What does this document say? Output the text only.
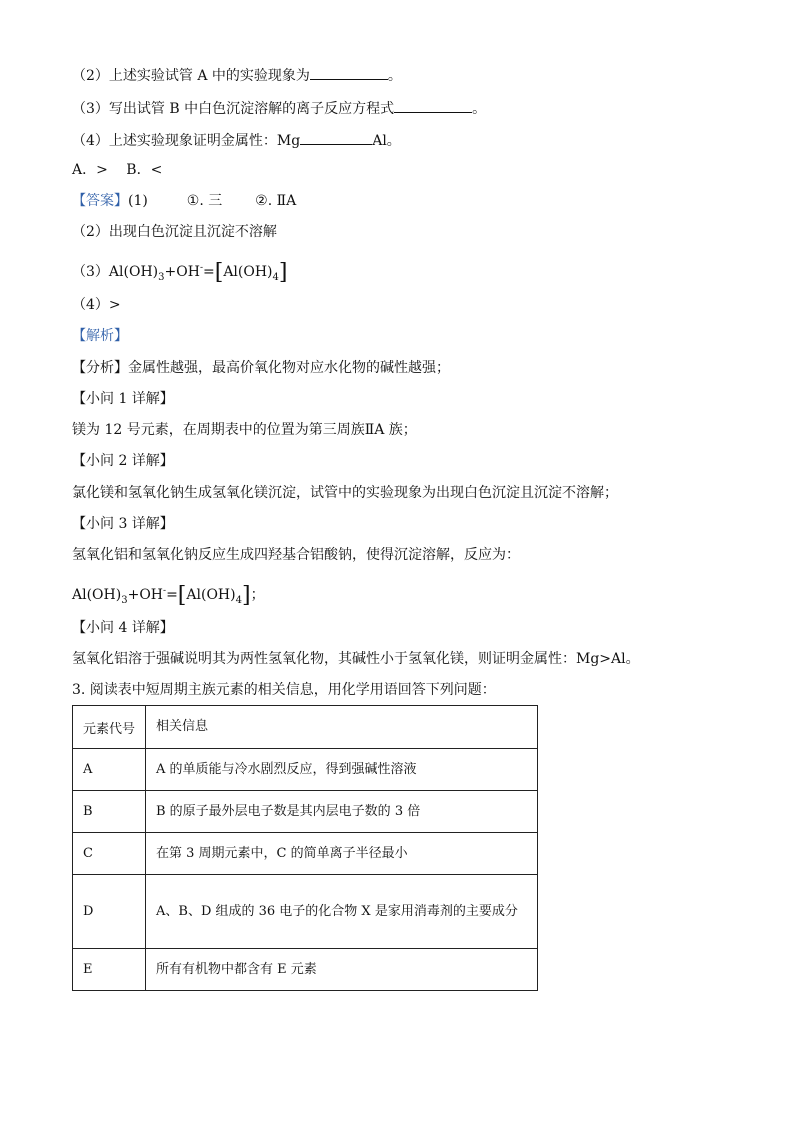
（2）上述实验试管 A 中的实验现象为	。
（3）写出试管 B 中白色沉淀溶解的离子反应方程式	。
（4）上述实验现象证明金属性：Mg	Al。
A．>　 B．<
【答案】(1)	①. 三 ②. ⅡA
（2）出现白色沉淀且沉淀不溶解
$(3)Al(OH)_3+OH^-=[Al(OH)_4]$
（4）>
【解析】
【分析】金属性越强，最高价氧化物对应水化物的碱性越强；
【小问 1 详解】
镁为 12 号元素，在周期表中的位置为第三周族ⅡA 族；
【小问 2 详解】
氯化镁和氢氧化钠生成氢氧化镁沉淀，试管中的实验现象为出现白色沉淀且沉淀不溶解；
【小问 3 详解】
氢氧化铝和氢氧化钠反应生成四羟基合铝酸钠，使得沉淀溶解，反应为：
$Al(OH)_3+OH^-=[Al(OH)_4]$；
【小问 4 详解】
氢氧化铝溶于强碱说明其为两性氢氧化物，其碱性小于氢氧化镁，则证明金属性：Mg>Al。
3. 阅读表中短周期主族元素的相关信息，用化学用语回答下列问题：
元素代号	相关信息
A	A 的单质能与冷水剧烈反应，得到强碱性溶液
B	B 的原子最外层电子数是其内层电子数的 3 倍
C	在第 3 周期元素中，C 的简单离子半径最小
D	A、B、D 组成的 36 电子的化合物 X 是家用消毒剂的主要成分
E	所有有机物中都含有 E 元素
